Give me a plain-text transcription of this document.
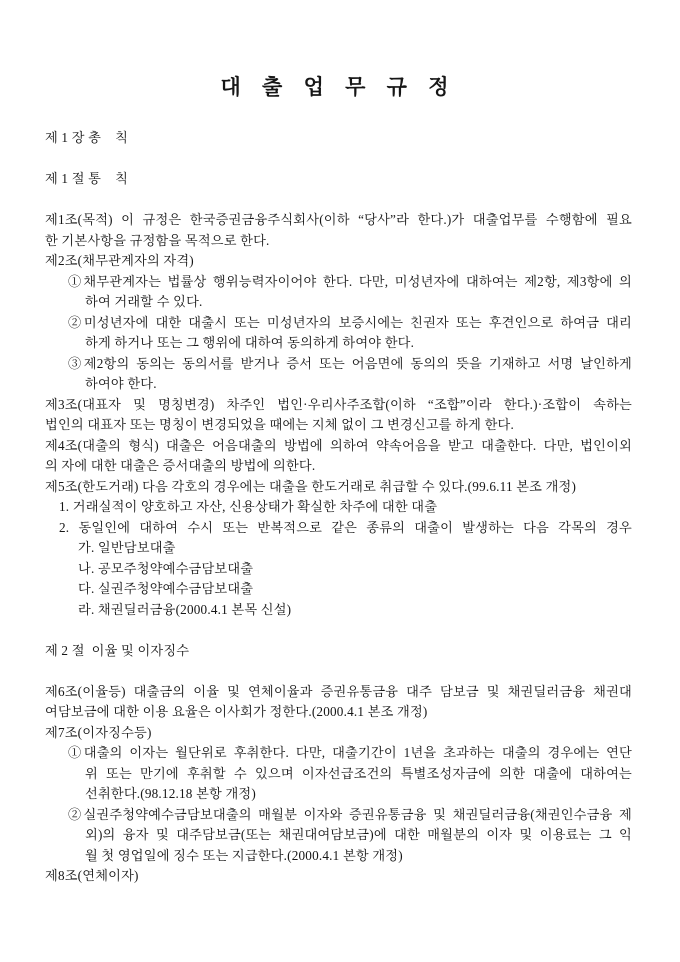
대 출 업 무 규 정
제 1 장 총    칙
제 1 절 통    칙
제1조(목적) 이 규정은 한국증권금융주식회사(이하 “당사”라 한다.)가 대출업무를 수행함에 필요
한 기본사항을 규정함을 목적으로 한다.
제2조(채무관계자의 자격)
①채무관계자는 법률상 행위능력자이어야 한다. 다만, 미성년자에 대하여는 제2항, 제3항에 의
하여 거래할 수 있다.
②미성년자에 대한 대출시 또는 미성년자의 보증시에는 친권자 또는 후견인으로 하여금 대리
하게 하거나 또는 그 행위에 대하여 동의하게 하여야 한다.
③제2항의 동의는 동의서를 받거나 증서 또는 어음면에 동의의 뜻을 기재하고 서명 날인하게
하여야 한다.
제3조(대표자 및 명칭변경) 차주인 법인·우리사주조합(이하 “조합”이라 한다.)·조합이 속하는
법인의 대표자 또는 명칭이 변경되었을 때에는 지체 없이 그 변경신고를 하게 한다.
제4조(대출의 형식) 대출은 어음대출의 방법에 의하여 약속어음을 받고 대출한다. 다만, 법인이외
의 자에 대한 대출은 증서대출의 방법에 의한다.
제5조(한도거래) 다음 각호의 경우에는 대출을 한도거래로 취급할 수 있다.(99.6.11 본조 개정)
1. 거래실적이 양호하고 자산, 신용상태가 확실한 차주에 대한 대출
2. 동일인에 대하여 수시 또는 반복적으로 같은 종류의 대출이 발생하는 다음 각목의 경우
가. 일반담보대출
나. 공모주청약예수금담보대출
다. 실권주청약예수금담보대출
라. 채권딜러금융(2000.4.1 본목 신설)
제 2 절  이율 및 이자징수
제6조(이율등) 대출금의 이율 및 연체이율과 증권유통금융 대주 담보금 및 채권딜러금융 채권대
여담보금에 대한 이용 요율은 이사회가 정한다.(2000.4.1 본조 개정)
제7조(이자징수등)
①대출의 이자는 월단위로 후취한다. 다만, 대출기간이 1년을 초과하는 대출의 경우에는 연단
위 또는 만기에 후취할 수 있으며 이자선급조건의 특별조성자금에 의한 대출에 대하여는
선취한다.(98.12.18 본항 개정)
②실권주청약예수금담보대출의 매월분 이자와 증권유통금융 및 채권딜러금융(채권인수금융 제
외)의 융자 및 대주담보금(또는 채권대여담보금)에 대한 매월분의 이자 및 이용료는 그 익
월 첫 영업일에 징수 또는 지급한다.(2000.4.1 본항 개정)
제8조(연체이자)
